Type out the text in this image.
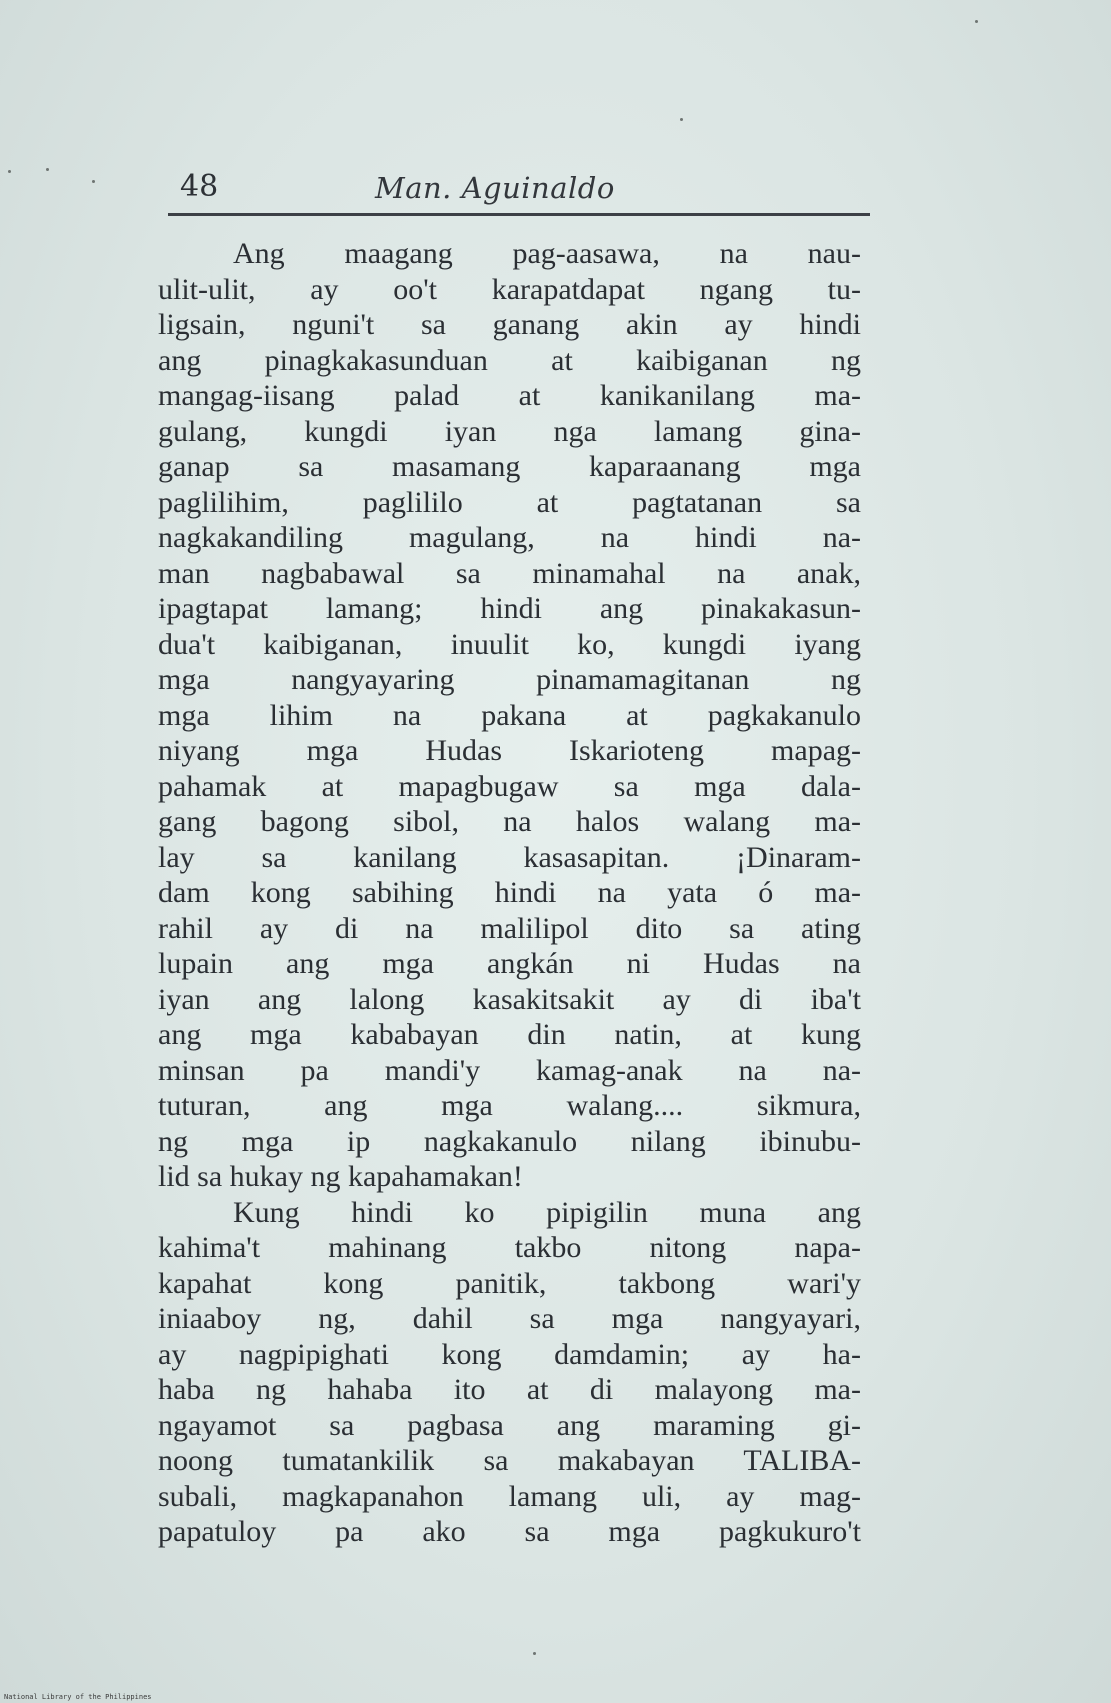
48	Man. Aguinaldo
Ang maagang pag-aasawa, na nau-
ulit-ulit, ay oo't karapatdapat ngang tu-
ligsain, nguni't sa ganang akin ay hindi
ang pinagkakasunduan at kaibiganan ng
mangag-iisang palad at kanikanilang ma-
gulang, kungdi iyan nga lamang gina-
ganap sa masamang kaparaanang mga
paglilihim, paglililo at pagtatanan sa
nagkakandiling magulang, na hindi na-
man nagbabawal sa minamahal na anak,
ipagtapat lamang; hindi ang pinakakasun-
dua't kaibiganan, inuulit ko, kungdi iyang
mga nangyayaring pinamamagitanan ng
mga lihim na pakana at pagkakanulo
niyang mga Hudas Iskarioteng mapag-
pahamak at mapagbugaw sa mga dala-
gang bagong sibol, na halos walang ma-
lay sa kanilang kasasapitan. ¡Dinaram-
dam kong sabihing hindi na yata ó ma-
rahil ay di na malilipol dito sa ating
lupain ang mga angkán ni Hudas na
iyan ang lalong kasakitsakit ay di iba't
ang mga kababayan din natin, at kung
minsan pa mandi'y kamag-anak na na-
tuturan, ang mga walang.... sikmura,
ng mga ip nagkakanulo nilang ibinubu-
lid sa hukay ng kapahamakan!
Kung hindi ko pipigilin muna ang
kahima't mahinang takbo nitong napa-
kapahat kong panitik, takbong wari'y
iniaaboy ng, dahil sa mga nangyayari,
ay nagpipighati kong damdamin; ay ha-
haba ng hahaba ito at di malayong ma-
ngayamot sa pagbasa ang maraming gi-
noong tumatankilik sa makabayan TALIBA-
subali, magkapanahon lamang uli, ay mag-
papatuloy pa ako sa mga pagkukuro't
National Library of the Philippines
